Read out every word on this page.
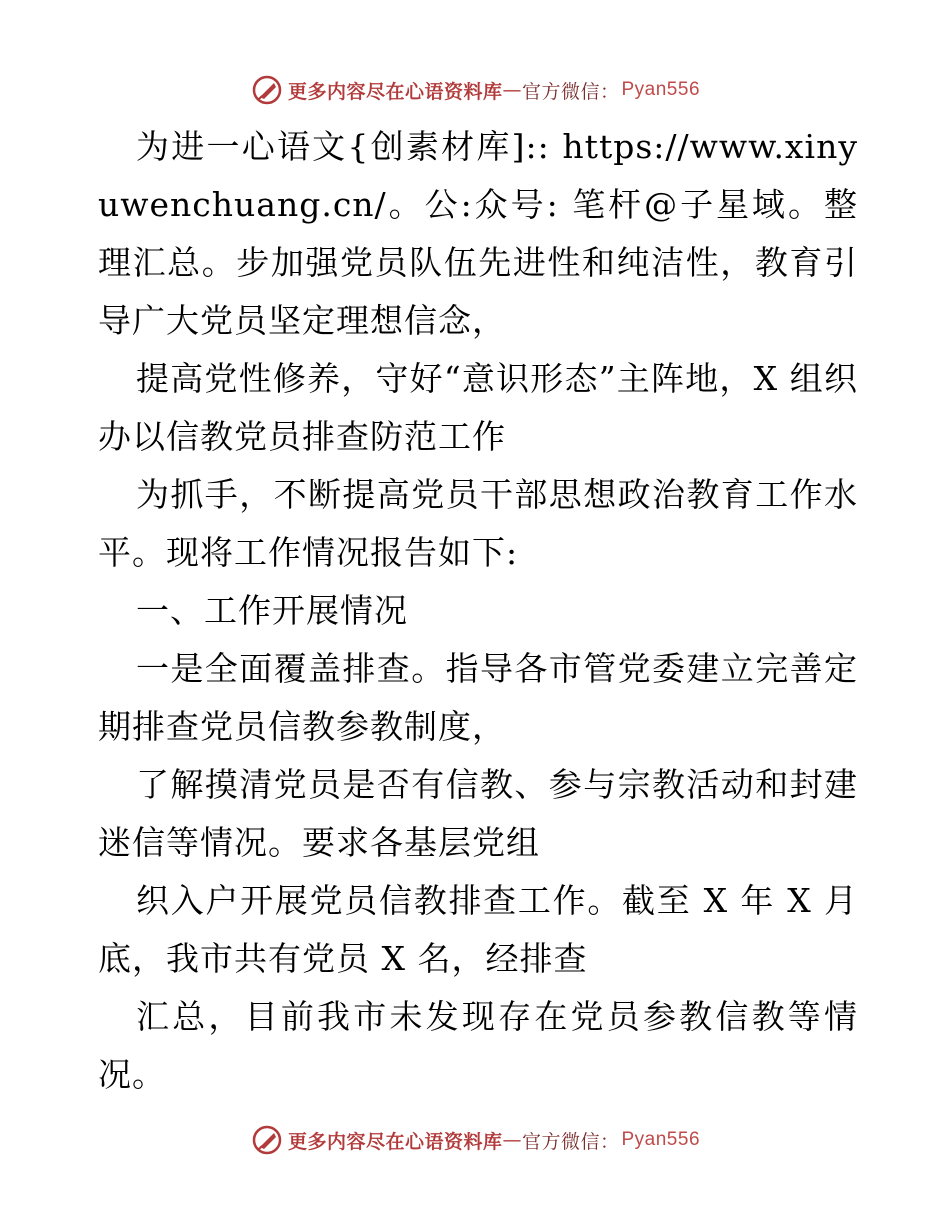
更多内容尽在心语资料库 — 官方微信： Pyan556

为进一心语文{创素材库]:: https://www.xinyuwenchuang.cn/。公:众号: 笔杆@子星域。整理汇总。步加强党员队伍先进性和纯洁性，教育引导广大党员坚定理想信念，

提高党性修养，守好“意识形态”主阵地，X 组织办以信教党员排查防范工作

为抓手，不断提高党员干部思想政治教育工作水平。现将工作情况报告如下:

一、工作开展情况

一是全面覆盖排查。指导各市管党委建立完善定期排查党员信教参教制度，

了解摸清党员是否有信教、参与宗教活动和封建迷信等情况。要求各基层党组

织入户开展党员信教排查工作。截至 X 年 X 月底，我市共有党员 X 名，经排查

汇总，目前我市未发现存在党员参教信教等情况。

更多内容尽在心语资料库 — 官方微信： Pyan556
